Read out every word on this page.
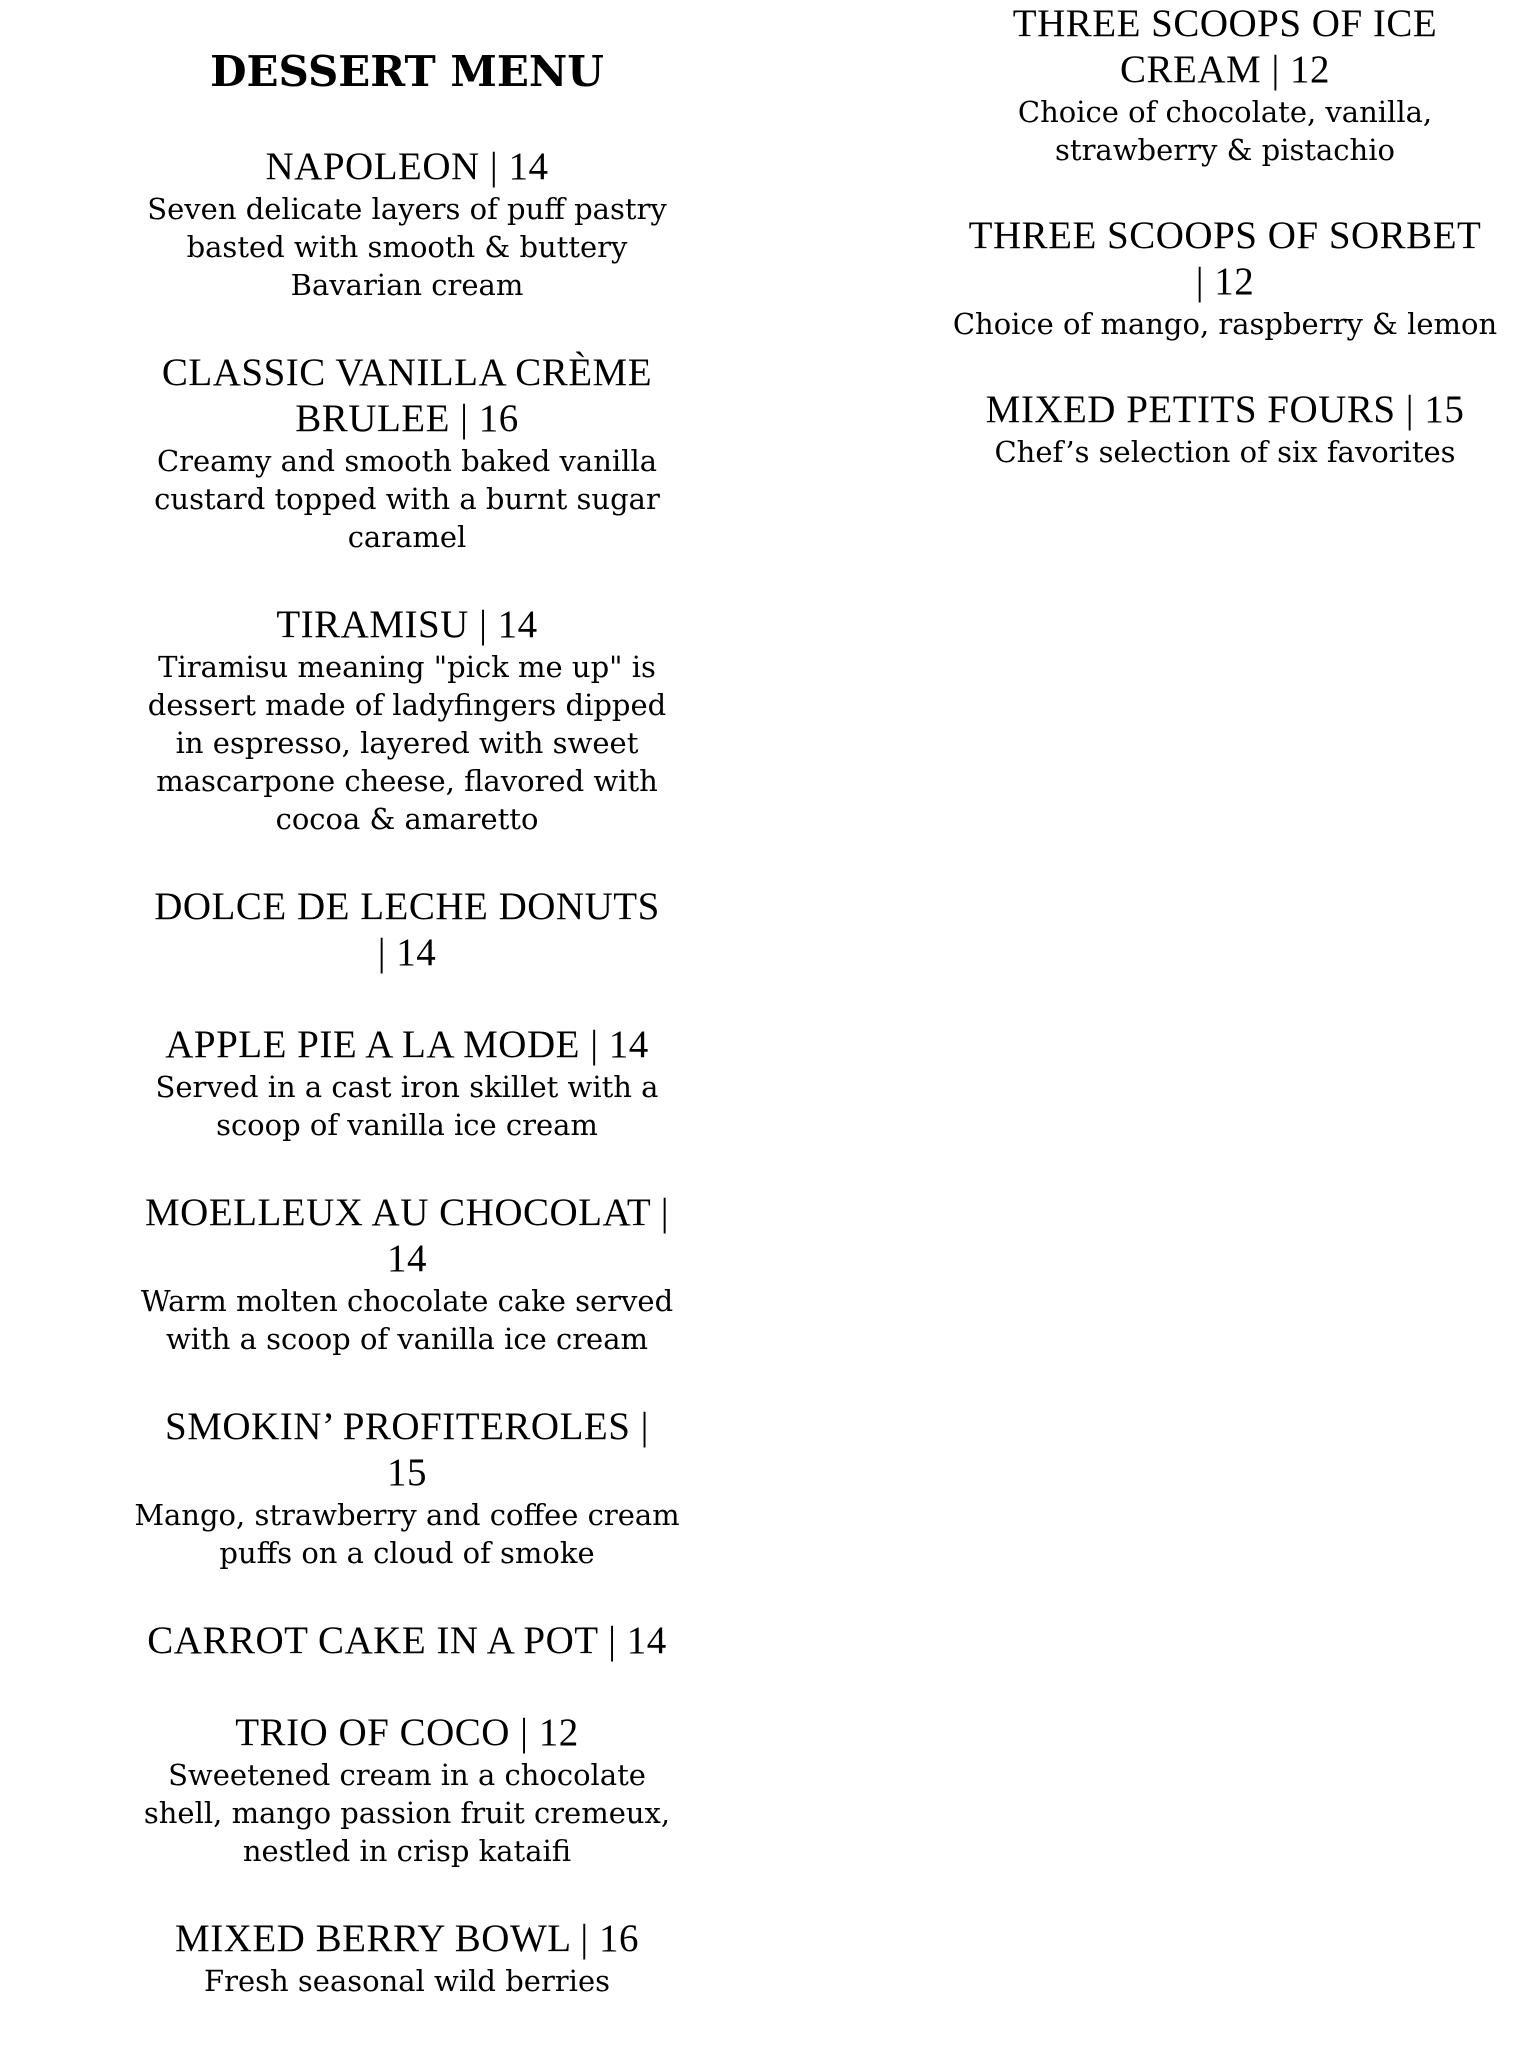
DESSERT MENU

NAPOLEON | 14

Seven delicate layers of puff pastry

basted with smooth & buttery

Bavarian cream

CLASSIC VANILLA CRÈME

BRULEE | 16

Creamy and smooth baked vanilla

custard topped with a burnt sugar

caramel

TIRAMISU | 14

Tiramisu meaning "pick me up" is

dessert made of ladyfingers dipped

in espresso, layered with sweet

mascarpone cheese, flavored with

cocoa & amaretto

DOLCE DE LECHE DONUTS

| 14

APPLE PIE A LA MODE | 14

Served in a cast iron skillet with a

scoop of vanilla ice cream

MOELLEUX AU CHOCOLAT |

14

Warm molten chocolate cake served

with a scoop of vanilla ice cream

SMOKIN’ PROFITEROLES |

15

Mango, strawberry and coffee cream

puffs on a cloud of smoke

CARROT CAKE IN A POT | 14

TRIO OF COCO | 12

Sweetened cream in a chocolate

shell, mango passion fruit cremeux,

nestled in crisp kataifi

MIXED BERRY BOWL | 16

Fresh seasonal wild berries

THREE SCOOPS OF ICE

CREAM | 12

Choice of chocolate, vanilla,

strawberry & pistachio

THREE SCOOPS OF SORBET

| 12

Choice of mango, raspberry & lemon

MIXED PETITS FOURS | 15

Chef’s selection of six favorites
